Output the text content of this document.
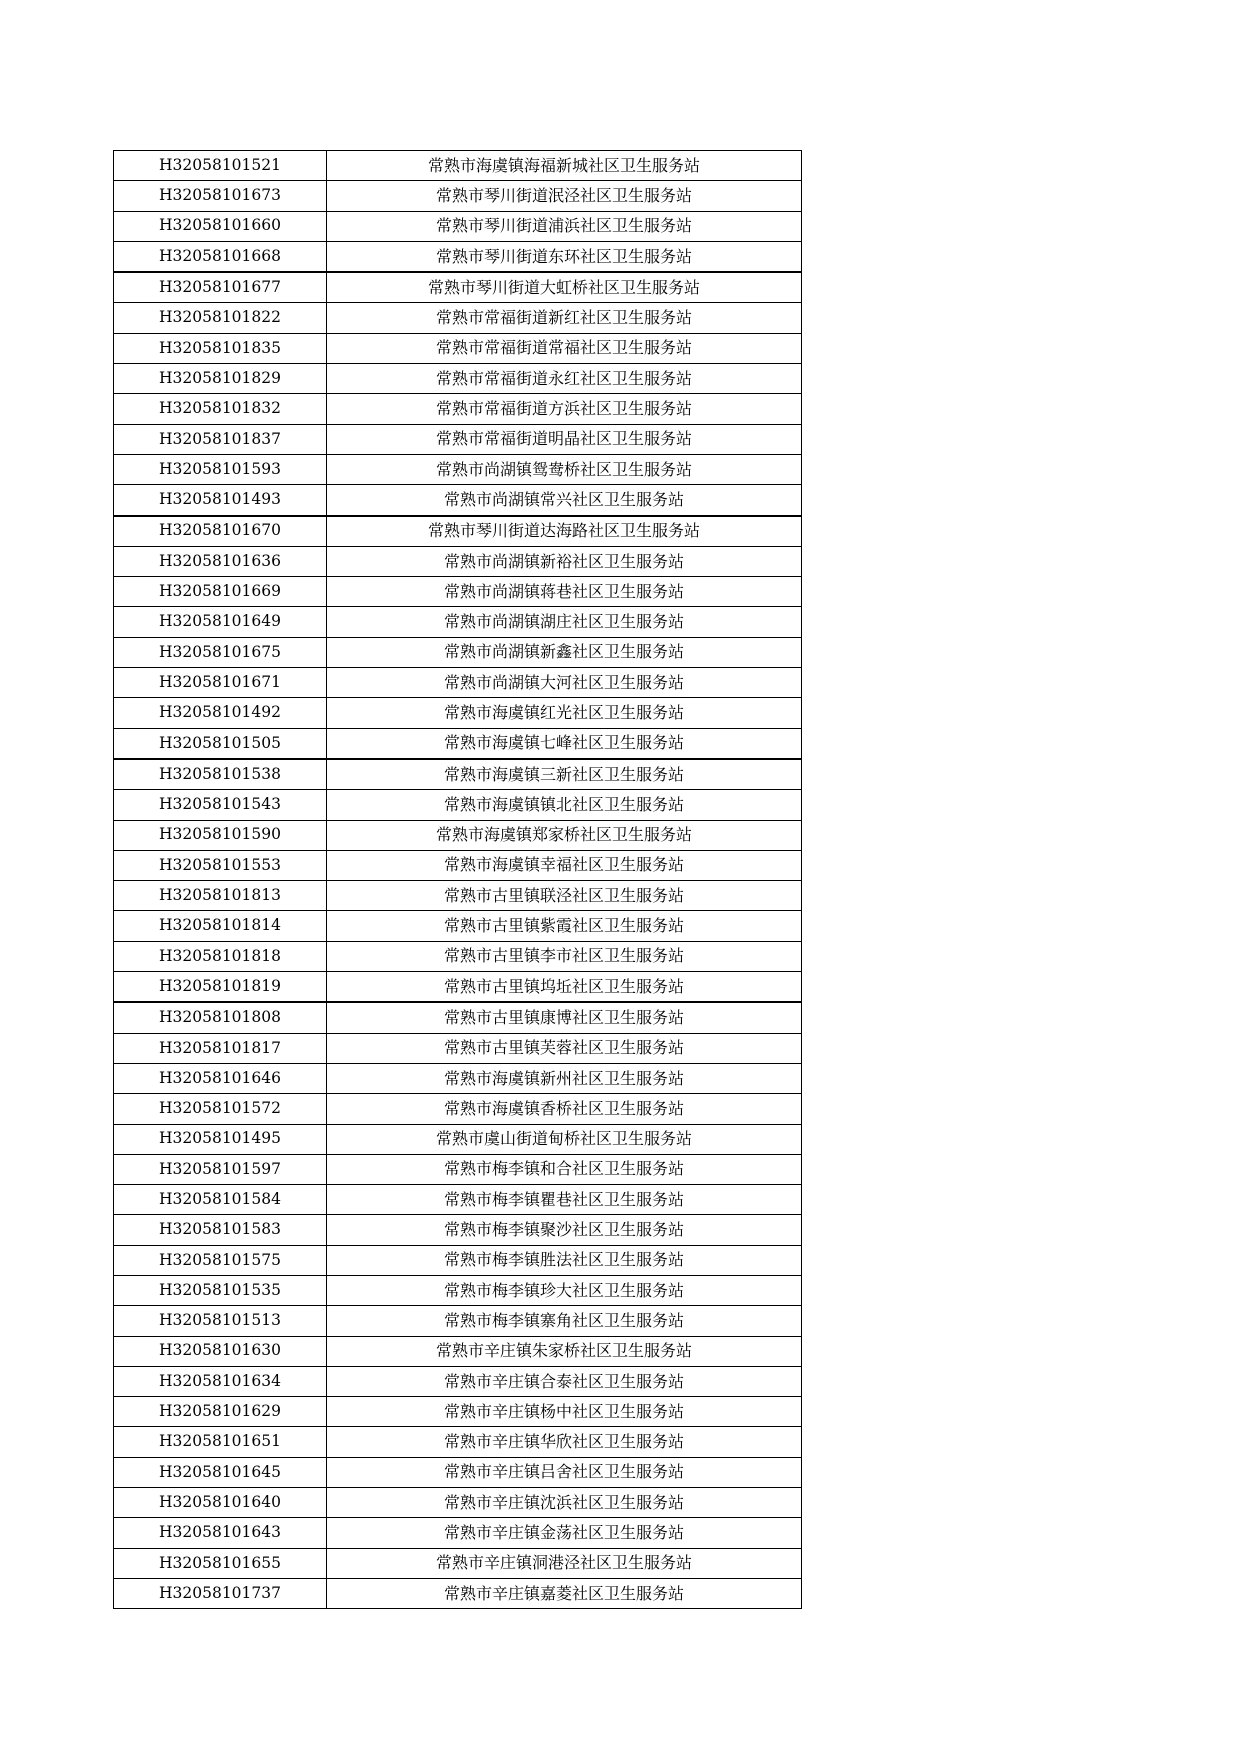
H32058101521	常熟市海虞镇海福新城社区卫生服务站
H32058101673	常熟市琴川街道泯泾社区卫生服务站
H32058101660	常熟市琴川街道浦浜社区卫生服务站
H32058101668	常熟市琴川街道东环社区卫生服务站
H32058101677	常熟市琴川街道大虹桥社区卫生服务站
H32058101822	常熟市常福街道新红社区卫生服务站
H32058101835	常熟市常福街道常福社区卫生服务站
H32058101829	常熟市常福街道永红社区卫生服务站
H32058101832	常熟市常福街道方浜社区卫生服务站
H32058101837	常熟市常福街道明晶社区卫生服务站
H32058101593	常熟市尚湖镇鸳鸯桥社区卫生服务站
H32058101493	常熟市尚湖镇常兴社区卫生服务站
H32058101670	常熟市琴川街道达海路社区卫生服务站
H32058101636	常熟市尚湖镇新裕社区卫生服务站
H32058101669	常熟市尚湖镇蒋巷社区卫生服务站
H32058101649	常熟市尚湖镇湖庄社区卫生服务站
H32058101675	常熟市尚湖镇新鑫社区卫生服务站
H32058101671	常熟市尚湖镇大河社区卫生服务站
H32058101492	常熟市海虞镇红光社区卫生服务站
H32058101505	常熟市海虞镇七峰社区卫生服务站
H32058101538	常熟市海虞镇三新社区卫生服务站
H32058101543	常熟市海虞镇镇北社区卫生服务站
H32058101590	常熟市海虞镇郑家桥社区卫生服务站
H32058101553	常熟市海虞镇幸福社区卫生服务站
H32058101813	常熟市古里镇联泾社区卫生服务站
H32058101814	常熟市古里镇紫霞社区卫生服务站
H32058101818	常熟市古里镇李市社区卫生服务站
H32058101819	常熟市古里镇坞坵社区卫生服务站
H32058101808	常熟市古里镇康博社区卫生服务站
H32058101817	常熟市古里镇芙蓉社区卫生服务站
H32058101646	常熟市海虞镇新州社区卫生服务站
H32058101572	常熟市海虞镇香桥社区卫生服务站
H32058101495	常熟市虞山街道甸桥社区卫生服务站
H32058101597	常熟市梅李镇和合社区卫生服务站
H32058101584	常熟市梅李镇瞿巷社区卫生服务站
H32058101583	常熟市梅李镇聚沙社区卫生服务站
H32058101575	常熟市梅李镇胜法社区卫生服务站
H32058101535	常熟市梅李镇珍大社区卫生服务站
H32058101513	常熟市梅李镇寨角社区卫生服务站
H32058101630	常熟市辛庄镇朱家桥社区卫生服务站
H32058101634	常熟市辛庄镇合泰社区卫生服务站
H32058101629	常熟市辛庄镇杨中社区卫生服务站
H32058101651	常熟市辛庄镇华欣社区卫生服务站
H32058101645	常熟市辛庄镇吕舍社区卫生服务站
H32058101640	常熟市辛庄镇沈浜社区卫生服务站
H32058101643	常熟市辛庄镇金荡社区卫生服务站
H32058101655	常熟市辛庄镇洞港泾社区卫生服务站
H32058101737	常熟市辛庄镇嘉菱社区卫生服务站
